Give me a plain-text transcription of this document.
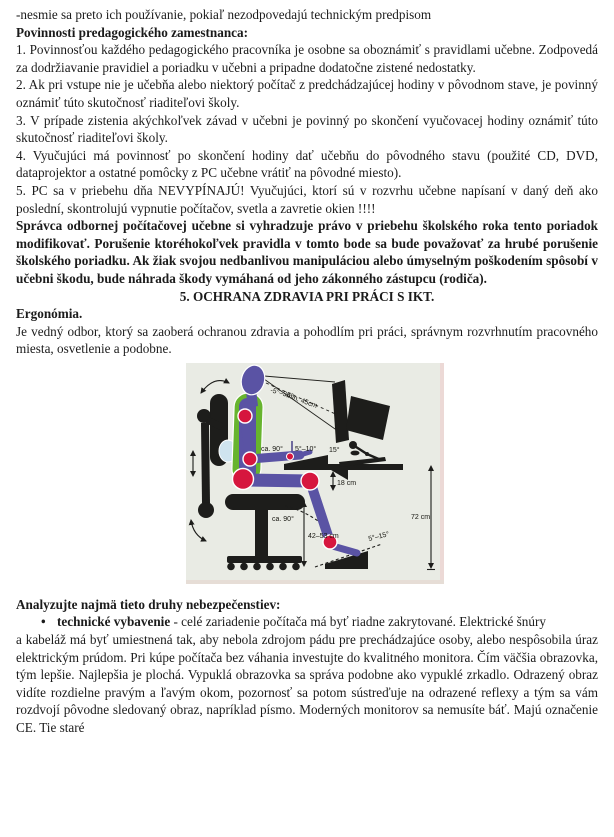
-nesmie sa preto ich používanie, pokiaľ nezodpovedajú technickým predpisom

Povinnosti predagogického zamestnanca:

1. Povinnosťou každého pedagogického pracovníka je osobne sa oboznámiť s pravidlami učebne. Zodpovedá za dodržiavanie pravidiel a poriadku v učebni a pripadne dodatočne zistené nedostatky.

2. Ak pri vstupe nie je učebňa alebo niektorý počítač z predchádzajúcej hodiny v pôvodnom stave, je povinný oznámiť túto skutočnosť riaditeľovi školy.

3. V prípade zistenia akýchkoľvek závad v učebni je povinný po skončení vyučovacej hodiny oznámiť túto skutočnosť riaditeľovi školy.

4. Vyučujúci má povinnosť po skončení hodiny dať učebňu do pôvodného stavu (použité CD, DVD, dataprojektor a ostatné pomôcky z PC učebne vrátiť na pôvodné miesto).

5. PC sa v priebehu dňa NEVYPÍNAJÚ! Vyučujúci, ktorí sú v rozvrhu učebne napísaní v daný deň ako poslední, skontrolujú vypnutie počítačov, svetla a zavretie okien !!!!

Správca odbornej počítačovej učebne si vyhradzuje právo v priebehu školského roka tento poriadok modifikovať. Porušenie ktoréhokoľvek pravidla v tomto bode sa bude považovať za hrubé porušenie školského poriadku. Ak žiak svojou nedbanlivou manipuláciou alebo úmyselným poškodením spôsobí v učebni škodu, bude náhrada škody vymáhaná od jeho zákonného zástupcu (rodiča).

5. OCHRANA ZDRAVIA PRI PRÁCI S IKT.

Ergonómia.

Je vedný odbor, ktorý sa zaoberá ochranou zdravia a pohodlím pri práci, správnym rozvrhnutím pracovného miesta, osvetlenie a podobne.

-5°–35°
min. 45cm
ca. 90° 5°–10° 15°
18 cm
72 cm
ca. 90°
42–53 cm	5°–15°

Analyzujte najmä tieto druhy nebezpečenstiev:

• technické vybavenie - celé zariadenie počítača má byť riadne zakrytované. Elektrické šnúry

a kabeláž má byť umiestnená tak, aby nebola zdrojom pádu pre prechádzajúce osoby, alebo nespôsobila úraz elektrickým prúdom. Pri kúpe počítača bez váhania investujte do kvalitného monitora. Čím väčšia obrazovka, tým lepšie. Najlepšia je plochá. Vypuklá obrazovka sa správa podobne ako vypuklé zrkadlo. Odrazený obraz vidíte rozdielne pravým a ľavým okom, pozornosť sa potom sústreďuje na odrazené reflexy a tým sa vám rozdvojí pôvodne sledovaný obraz, napríklad písmo. Moderných monitorov sa nemusíte báť. Majú označenie CE. Tie staré
